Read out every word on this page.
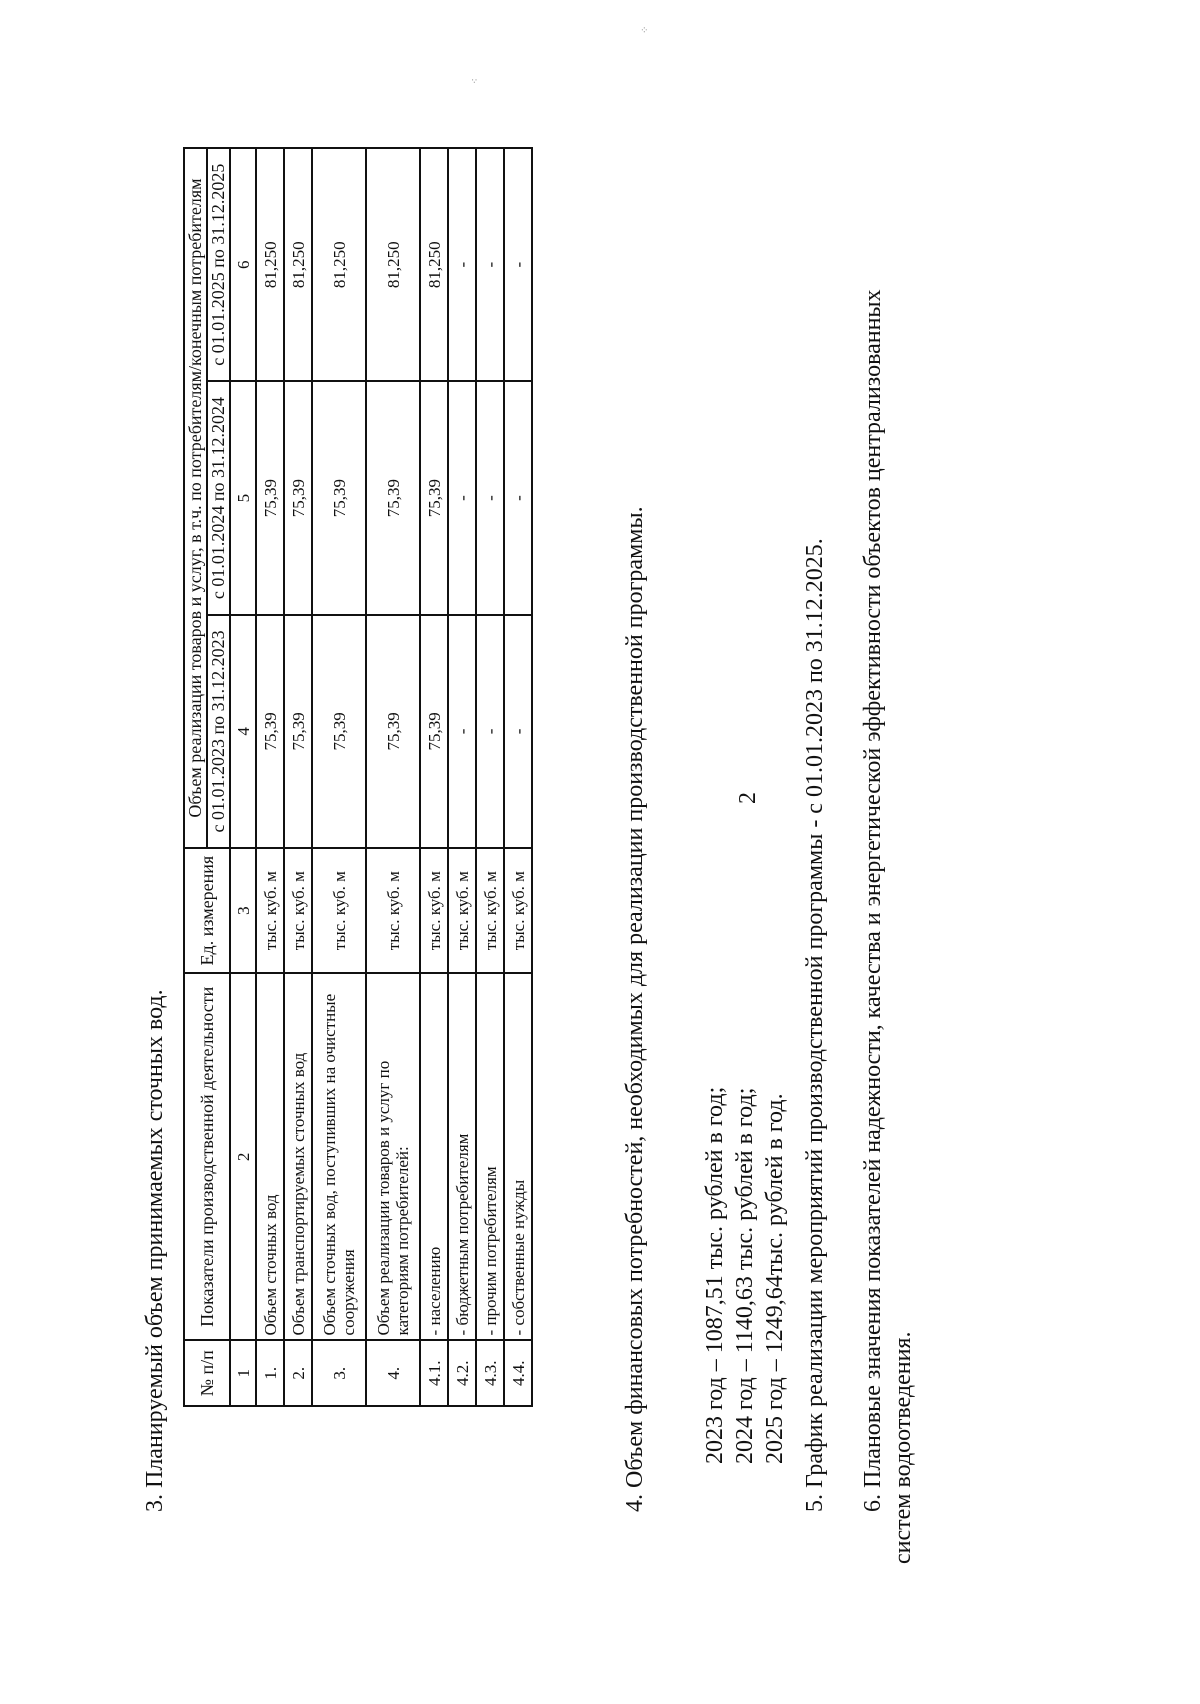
3. Планируемый объем принимаемых сточных вод.
2
№ п/п	Показатели производственной деятельности	Ед. измерения	Объем реализации товаров и услуг, в т.ч. по потребителям/конечным потребителям		
			с 01.01.2023 по 31.12.2023	с 01.01.2024 по 31.12.2024	с 01.01.2025 по 31.12.2025
1	2	3	4	5	6
1.	Объем сточных вод	тыс. куб. м	75,39	75,39	81,250
2.	Объем транспортируемых сточных вод	тыс. куб. м	75,39	75,39	81,250
3.	Объем сточных вод, поступивших на очистные сооружения	тыс. куб. м	75,39	75,39	81,250
4.	Объем реализации товаров и услуг по категориям потребителей:	тыс. куб. м	75,39	75,39	81,250
4.1.	- населению	тыс. куб. м	75,39	75,39	81,250
4.2.	- бюджетным потребителям	тыс. куб. м	-	-	-
4.3.	- прочим потребителям	тыс. куб. м	-	-	-
4.4.	- собственные нужды	тыс. куб. м	-	-	-
4. Объем финансовых потребностей, необходимых для реализации производственной программы. 2023 год – 1087,51 тыс. рублей в год; 2024 год – 1140,63 тыс. рублей в год; 2025 год – 1249,64тыс. рублей в год. 5. График реализации мероприятий производственной программы - с 01.01.2023 по 31.12.2025. 6. Плановые значения показателей надежности, качества и энергетической эффективности объектов централизованных систем водоотведения.
⁖
⁘
